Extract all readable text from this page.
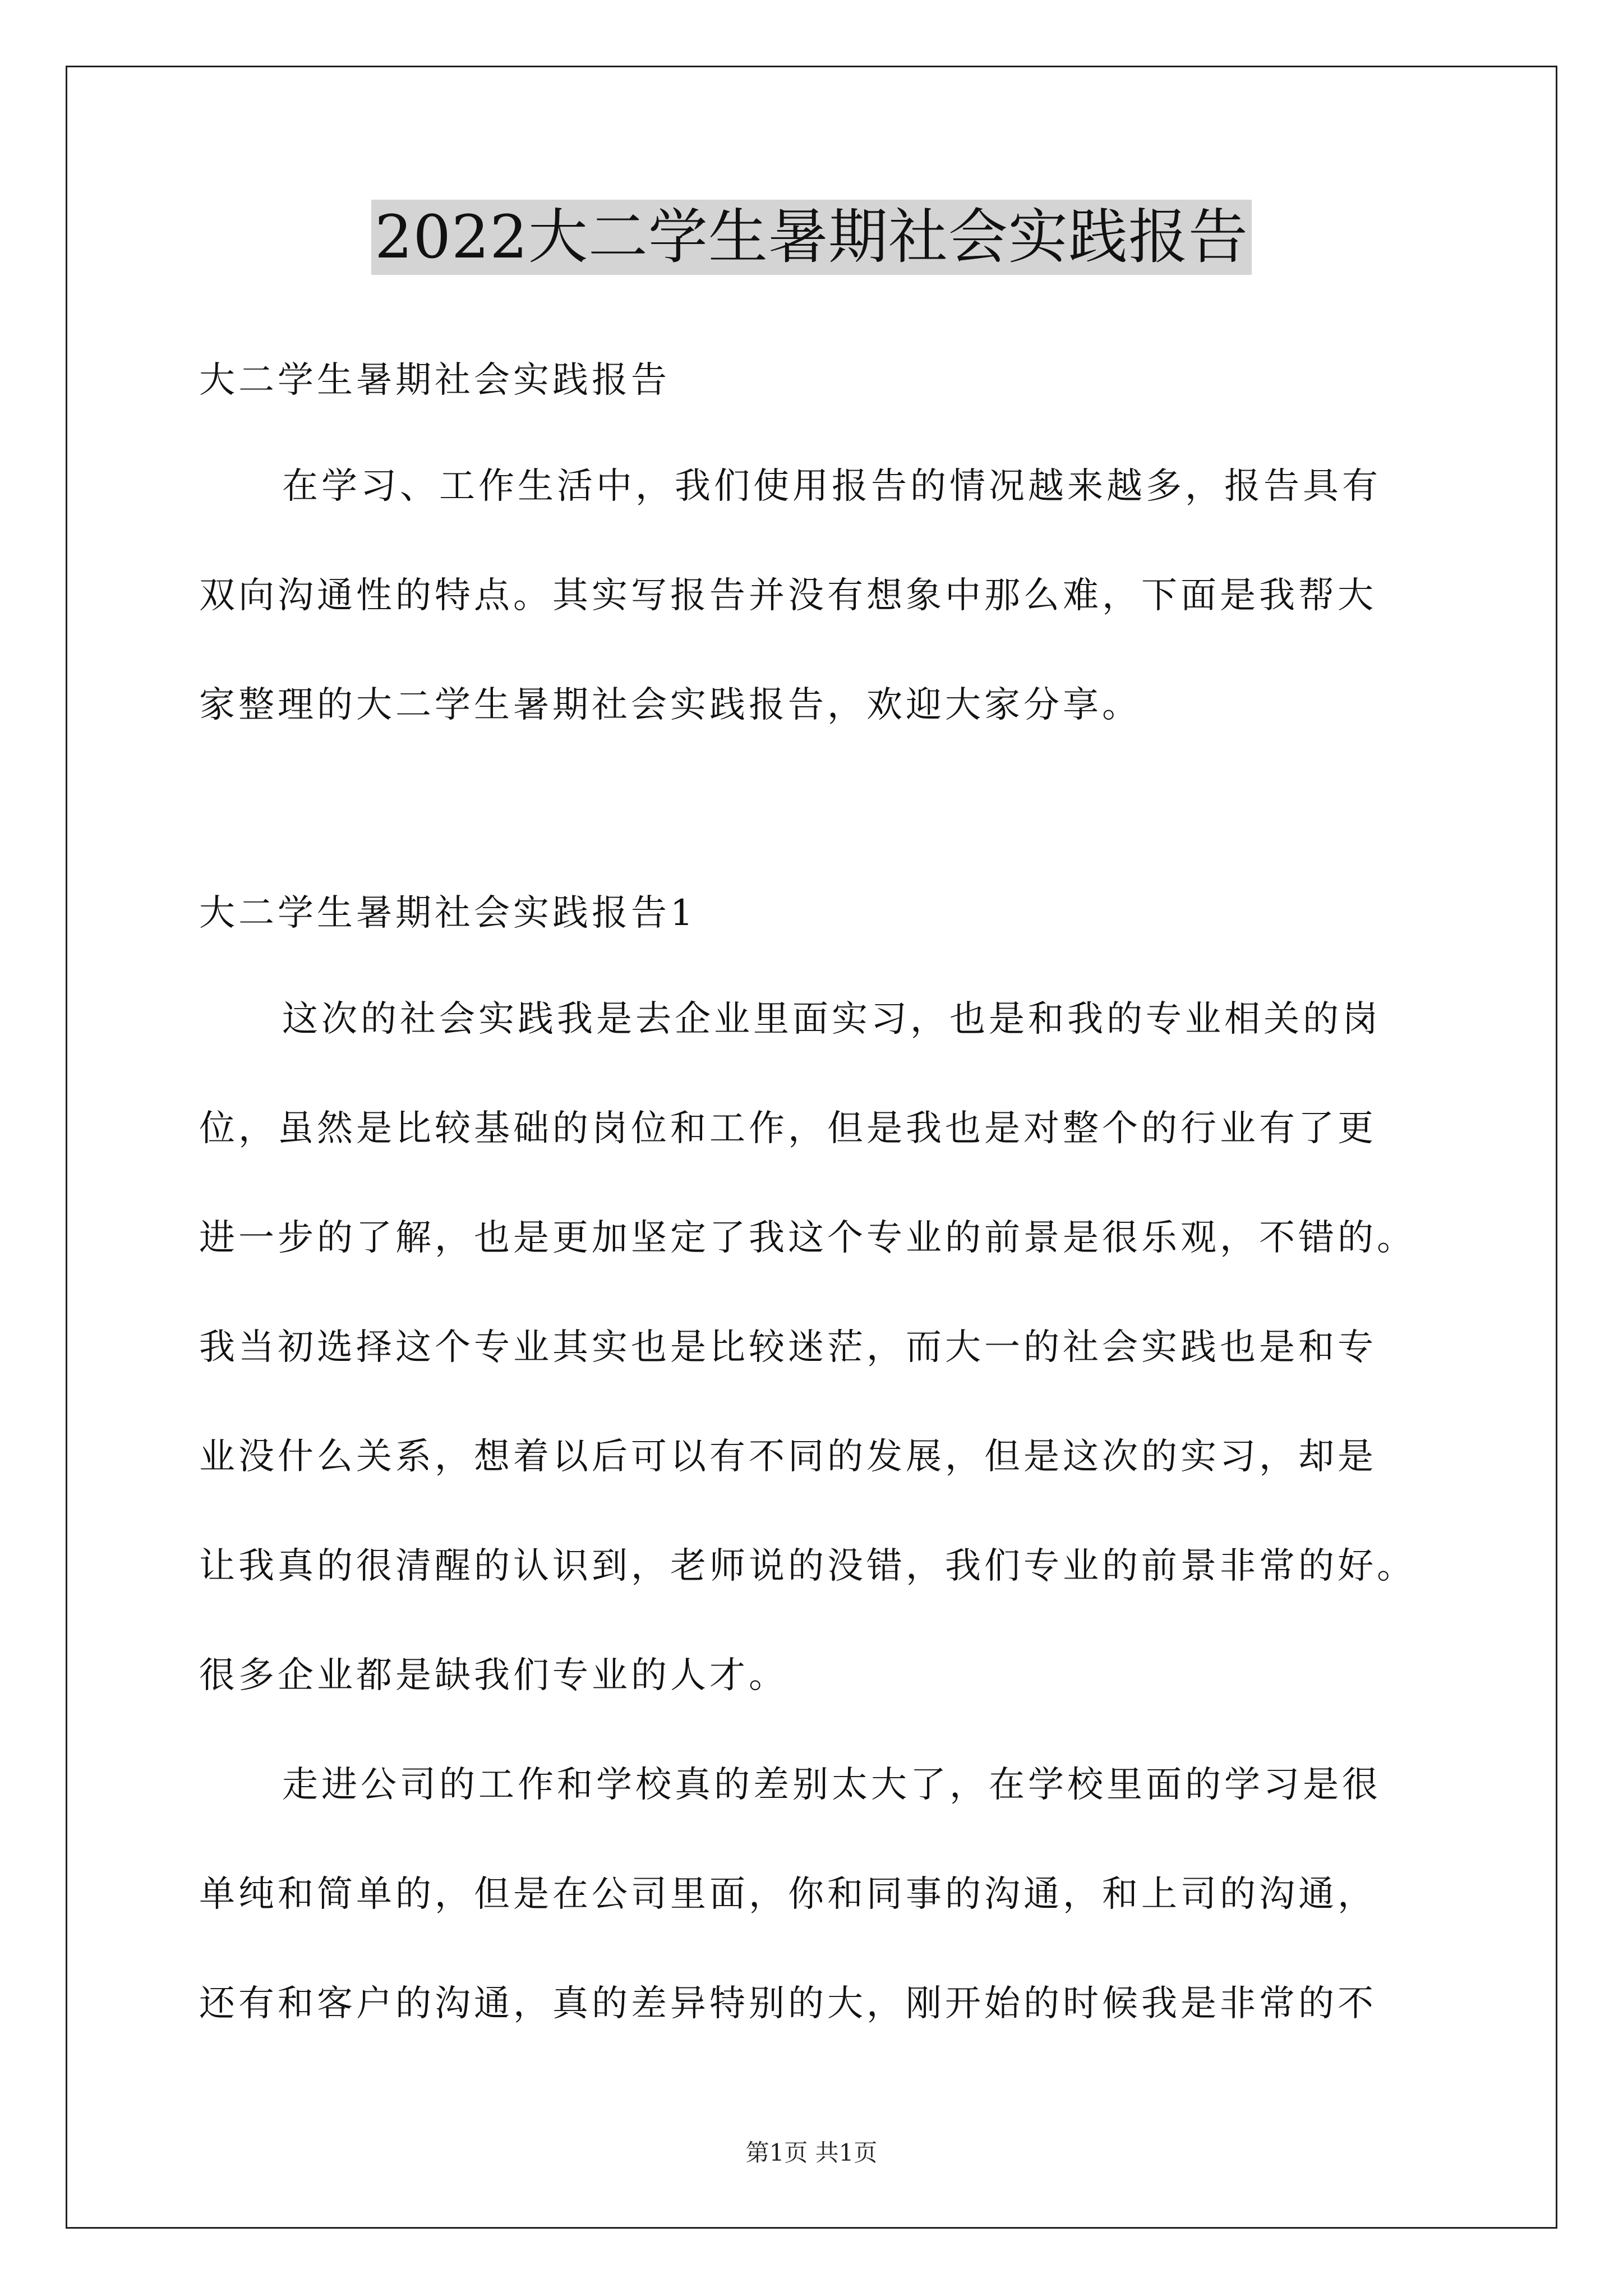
2022大二学生暑期社会实践报告
大二学生暑期社会实践报告
在学习、工作生活中，我们使用报告的情况越来越多，报告具有
双向沟通性的特点。其实写报告并没有想象中那么难，下面是我帮大
家整理的大二学生暑期社会实践报告，欢迎大家分享。
大二学生暑期社会实践报告1
这次的社会实践我是去企业里面实习，也是和我的专业相关的岗
位，虽然是比较基础的岗位和工作，但是我也是对整个的行业有了更
进一步的了解，也是更加坚定了我这个专业的前景是很乐观，不错的。
我当初选择这个专业其实也是比较迷茫，而大一的社会实践也是和专
业没什么关系，想着以后可以有不同的发展，但是这次的实习，却是
让我真的很清醒的认识到，老师说的没错，我们专业的前景非常的好。
很多企业都是缺我们专业的人才。
走进公司的工作和学校真的差别太大了，在学校里面的学习是很
单纯和简单的，但是在公司里面，你和同事的沟通，和上司的沟通，
还有和客户的沟通，真的差异特别的大，刚开始的时候我是非常的不
第1页 共1页
